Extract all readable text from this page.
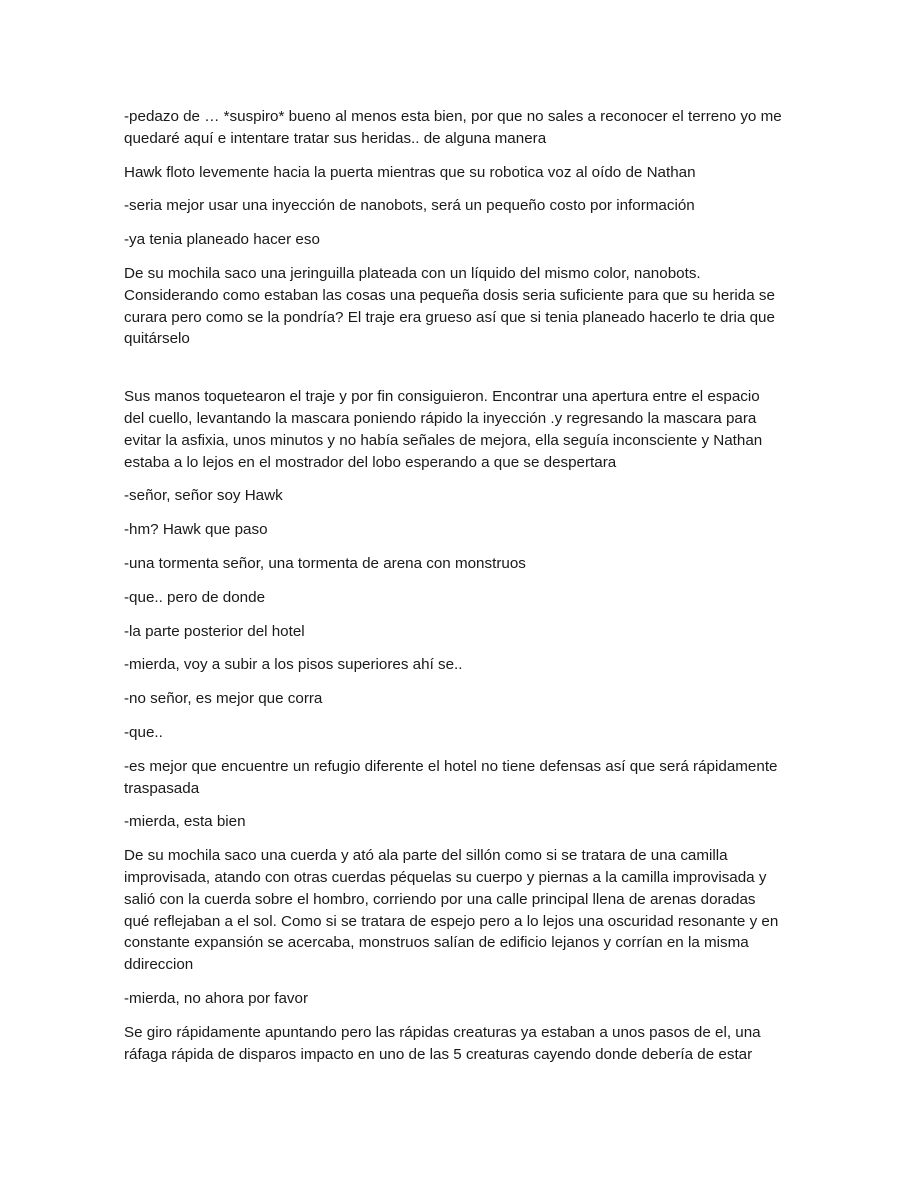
-pedazo de … *suspiro* bueno al menos esta bien, por que no sales a reconocer el terreno yo me quedaré aquí e intentare tratar sus heridas.. de alguna manera

Hawk floto levemente hacia la puerta mientras que su robotica voz al oído de Nathan

-seria mejor usar una inyección de nanobots, será un pequeño costo por información

-ya tenia planeado hacer eso

De su mochila saco una jeringuilla plateada con un líquido del mismo color, nanobots. Considerando como estaban las cosas una pequeña dosis seria suficiente para que su herida se curara pero como se la pondría? El traje era grueso así que si tenia planeado hacerlo te dria que quitárselo

Sus manos toquetearon el traje y por fin consiguieron. Encontrar una apertura entre el espacio del cuello, levantando la mascara poniendo rápido la inyección .y regresando la mascara para evitar la asfixia, unos minutos y no había señales de mejora, ella seguía inconsciente y Nathan estaba a lo lejos en el mostrador del lobo esperando a que se despertara

-señor, señor soy Hawk

-hm? Hawk que paso

-una tormenta señor, una tormenta de arena con monstruos

-que.. pero de donde

-la parte posterior del hotel

-mierda, voy a subir a los pisos superiores ahí se..

-no señor, es mejor que corra

-que..

-es mejor que encuentre un refugio diferente el hotel no tiene defensas así que será rápidamente traspasada

-mierda, esta bien

De su mochila saco una cuerda y ató ala parte del sillón como si se tratara de una camilla improvisada, atando con otras cuerdas péquelas su cuerpo y piernas a la camilla improvisada y salió con la cuerda sobre el hombro, corriendo por una calle principal llena de arenas doradas qué reflejaban a el sol. Como si se tratara de espejo pero a lo lejos una oscuridad resonante y en constante expansión se acercaba, monstruos salían de edificio lejanos y corrían en la misma ddireccion

-mierda, no ahora por favor

Se giro rápidamente apuntando pero las rápidas creaturas ya estaban a unos pasos de el, una ráfaga rápida de disparos impacto en uno de las 5 creaturas cayendo donde debería de estar
